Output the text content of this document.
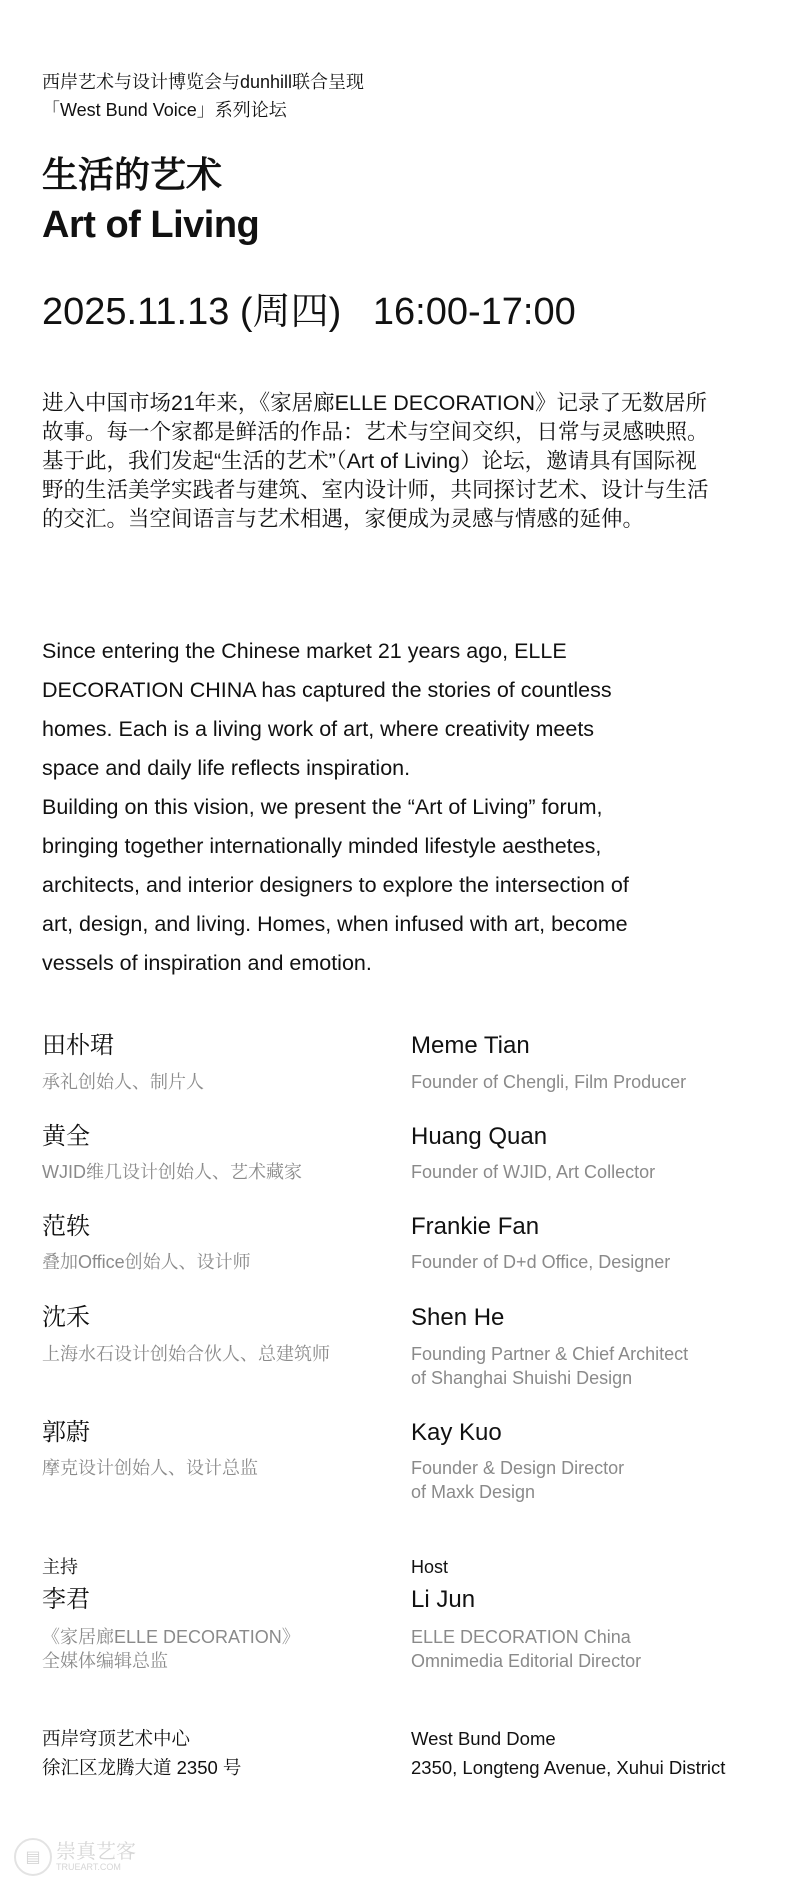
西岸艺术与设计博览会与dunhill联合呈现
「West Bund Voice」系列论坛
生活的艺术
Art of Living
2025.11.13 (周四)   16:00-17:00
进入中国市场21年来，《家居廊ELLE DECORATION》记录了无数居所
故事。每一个家都是鲜活的作品：艺术与空间交织，日常与灵感映照。
基于此，我们发起“生活的艺术”（Art of Living）论坛，邀请具有国际视
野的生活美学实践者与建筑、室内设计师，共同探讨艺术、设计与生活
的交汇。当空间语言与艺术相遇，家便成为灵感与情感的延伸。
Since entering the Chinese market 21 years ago, ELLE
DECORATION CHINA has captured the stories of countless
homes. Each is a living work of art, where creativity meets
space and daily life reflects inspiration.
Building on this vision, we present the “Art of Living” forum,
bringing together internationally minded lifestyle aesthetes,
architects, and interior designers to explore the intersection of
art, design, and living. Homes, when infused with art, become
vessels of inspiration and emotion.
田朴珺
承礼创始人、制片人
Meme Tian
Founder of Chengli, Film Producer
黄全
WJID维几设计创始人、艺术藏家
Huang Quan
Founder of WJID, Art Collector
范轶
叠加Office创始人、设计师
Frankie Fan
Founder of D+d Office, Designer
沈禾
上海水石设计创始合伙人、总建筑师
Shen He
Founding Partner & Chief Architect
of Shanghai Shuishi Design
郭蔚
摩克设计创始人、设计总监
Kay Kuo
Founder & Design Director
of Maxk Design
主持	Host
李君	Li Jun
《家居廊ELLE DECORATION》
全媒体编辑总监
ELLE DECORATION China
Omnimedia Editorial Director
西岸穹顶艺术中心
徐汇区龙腾大道 2350 号
West Bund Dome
2350, Longteng Avenue, Xuhui District
▤ 崇真艺客
TRUEART.COM
